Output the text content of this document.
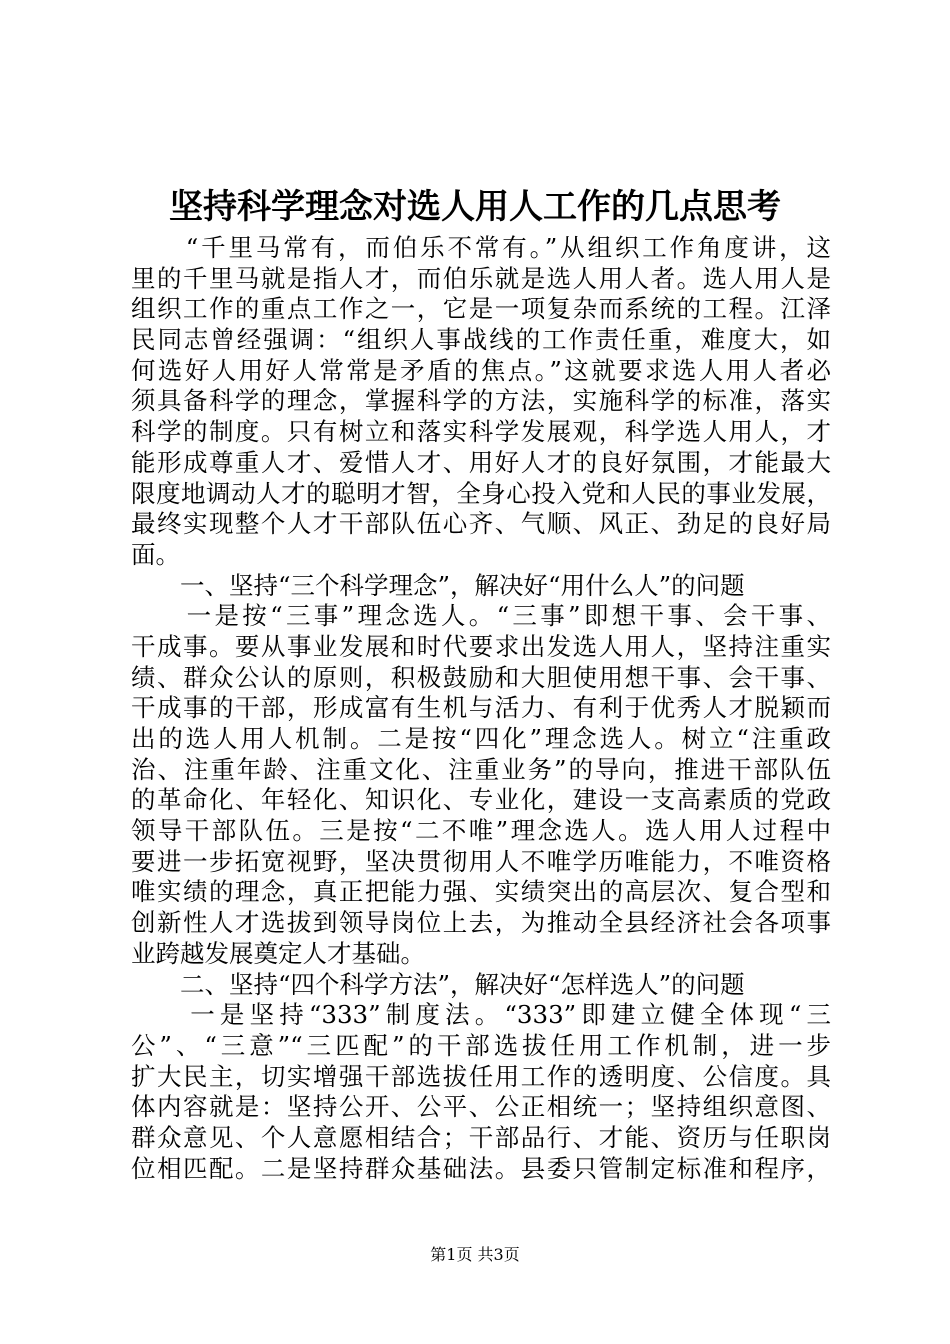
坚持科学理念对选人用人工作的几点思考
　　“千里马常有，而伯乐不常有。”从组织工作角度讲，这
里的千里马就是指人才，而伯乐就是选人用人者。选人用人是
组织工作的重点工作之一，它是一项复杂而系统的工程。江泽
民同志曾经强调：“组织人事战线的工作责任重，难度大，如
何选好人用好人常常是矛盾的焦点。”这就要求选人用人者必
须具备科学的理念，掌握科学的方法，实施科学的标准，落实
科学的制度。只有树立和落实科学发展观，科学选人用人，才
能形成尊重人才、爱惜人才、用好人才的良好氛围，才能最大
限度地调动人才的聪明才智，全身心投入党和人民的事业发展，
最终实现整个人才干部队伍心齐、气顺、风正、劲足的良好局
面。
　　一、坚持“三个科学理念”，解决好“用什么人”的问题
　　一是按“三事”理念选人。“三事”即想干事、会干事、
干成事。要从事业发展和时代要求出发选人用人，坚持注重实
绩、群众公认的原则，积极鼓励和大胆使用想干事、会干事、
干成事的干部，形成富有生机与活力、有利于优秀人才脱颖而
出的选人用人机制。二是按“四化”理念选人。树立“注重政
治、注重年龄、注重文化、注重业务”的导向，推进干部队伍
的革命化、年轻化、知识化、专业化，建设一支高素质的党政
领导干部队伍。三是按“二不唯”理念选人。选人用人过程中
要进一步拓宽视野，坚决贯彻用人不唯学历唯能力，不唯资格
唯实绩的理念，真正把能力强、实绩突出的高层次、复合型和
创新性人才选拔到领导岗位上去，为推动全县经济社会各项事
业跨越发展奠定人才基础。
　　二、坚持“四个科学方法”，解决好“怎样选人”的问题
　　一是坚持“333”制度法。“333”即建立健全体现“三
公”、“三意”“三匹配”的干部选拔任用工作机制，进一步
扩大民主，切实增强干部选拔任用工作的透明度、公信度。具
体内容就是：坚持公开、公平、公正相统一；坚持组织意图、
群众意见、个人意愿相结合；干部品行、才能、资历与任职岗
位相匹配。二是坚持群众基础法。县委只管制定标准和程序，
第1页 共3页
